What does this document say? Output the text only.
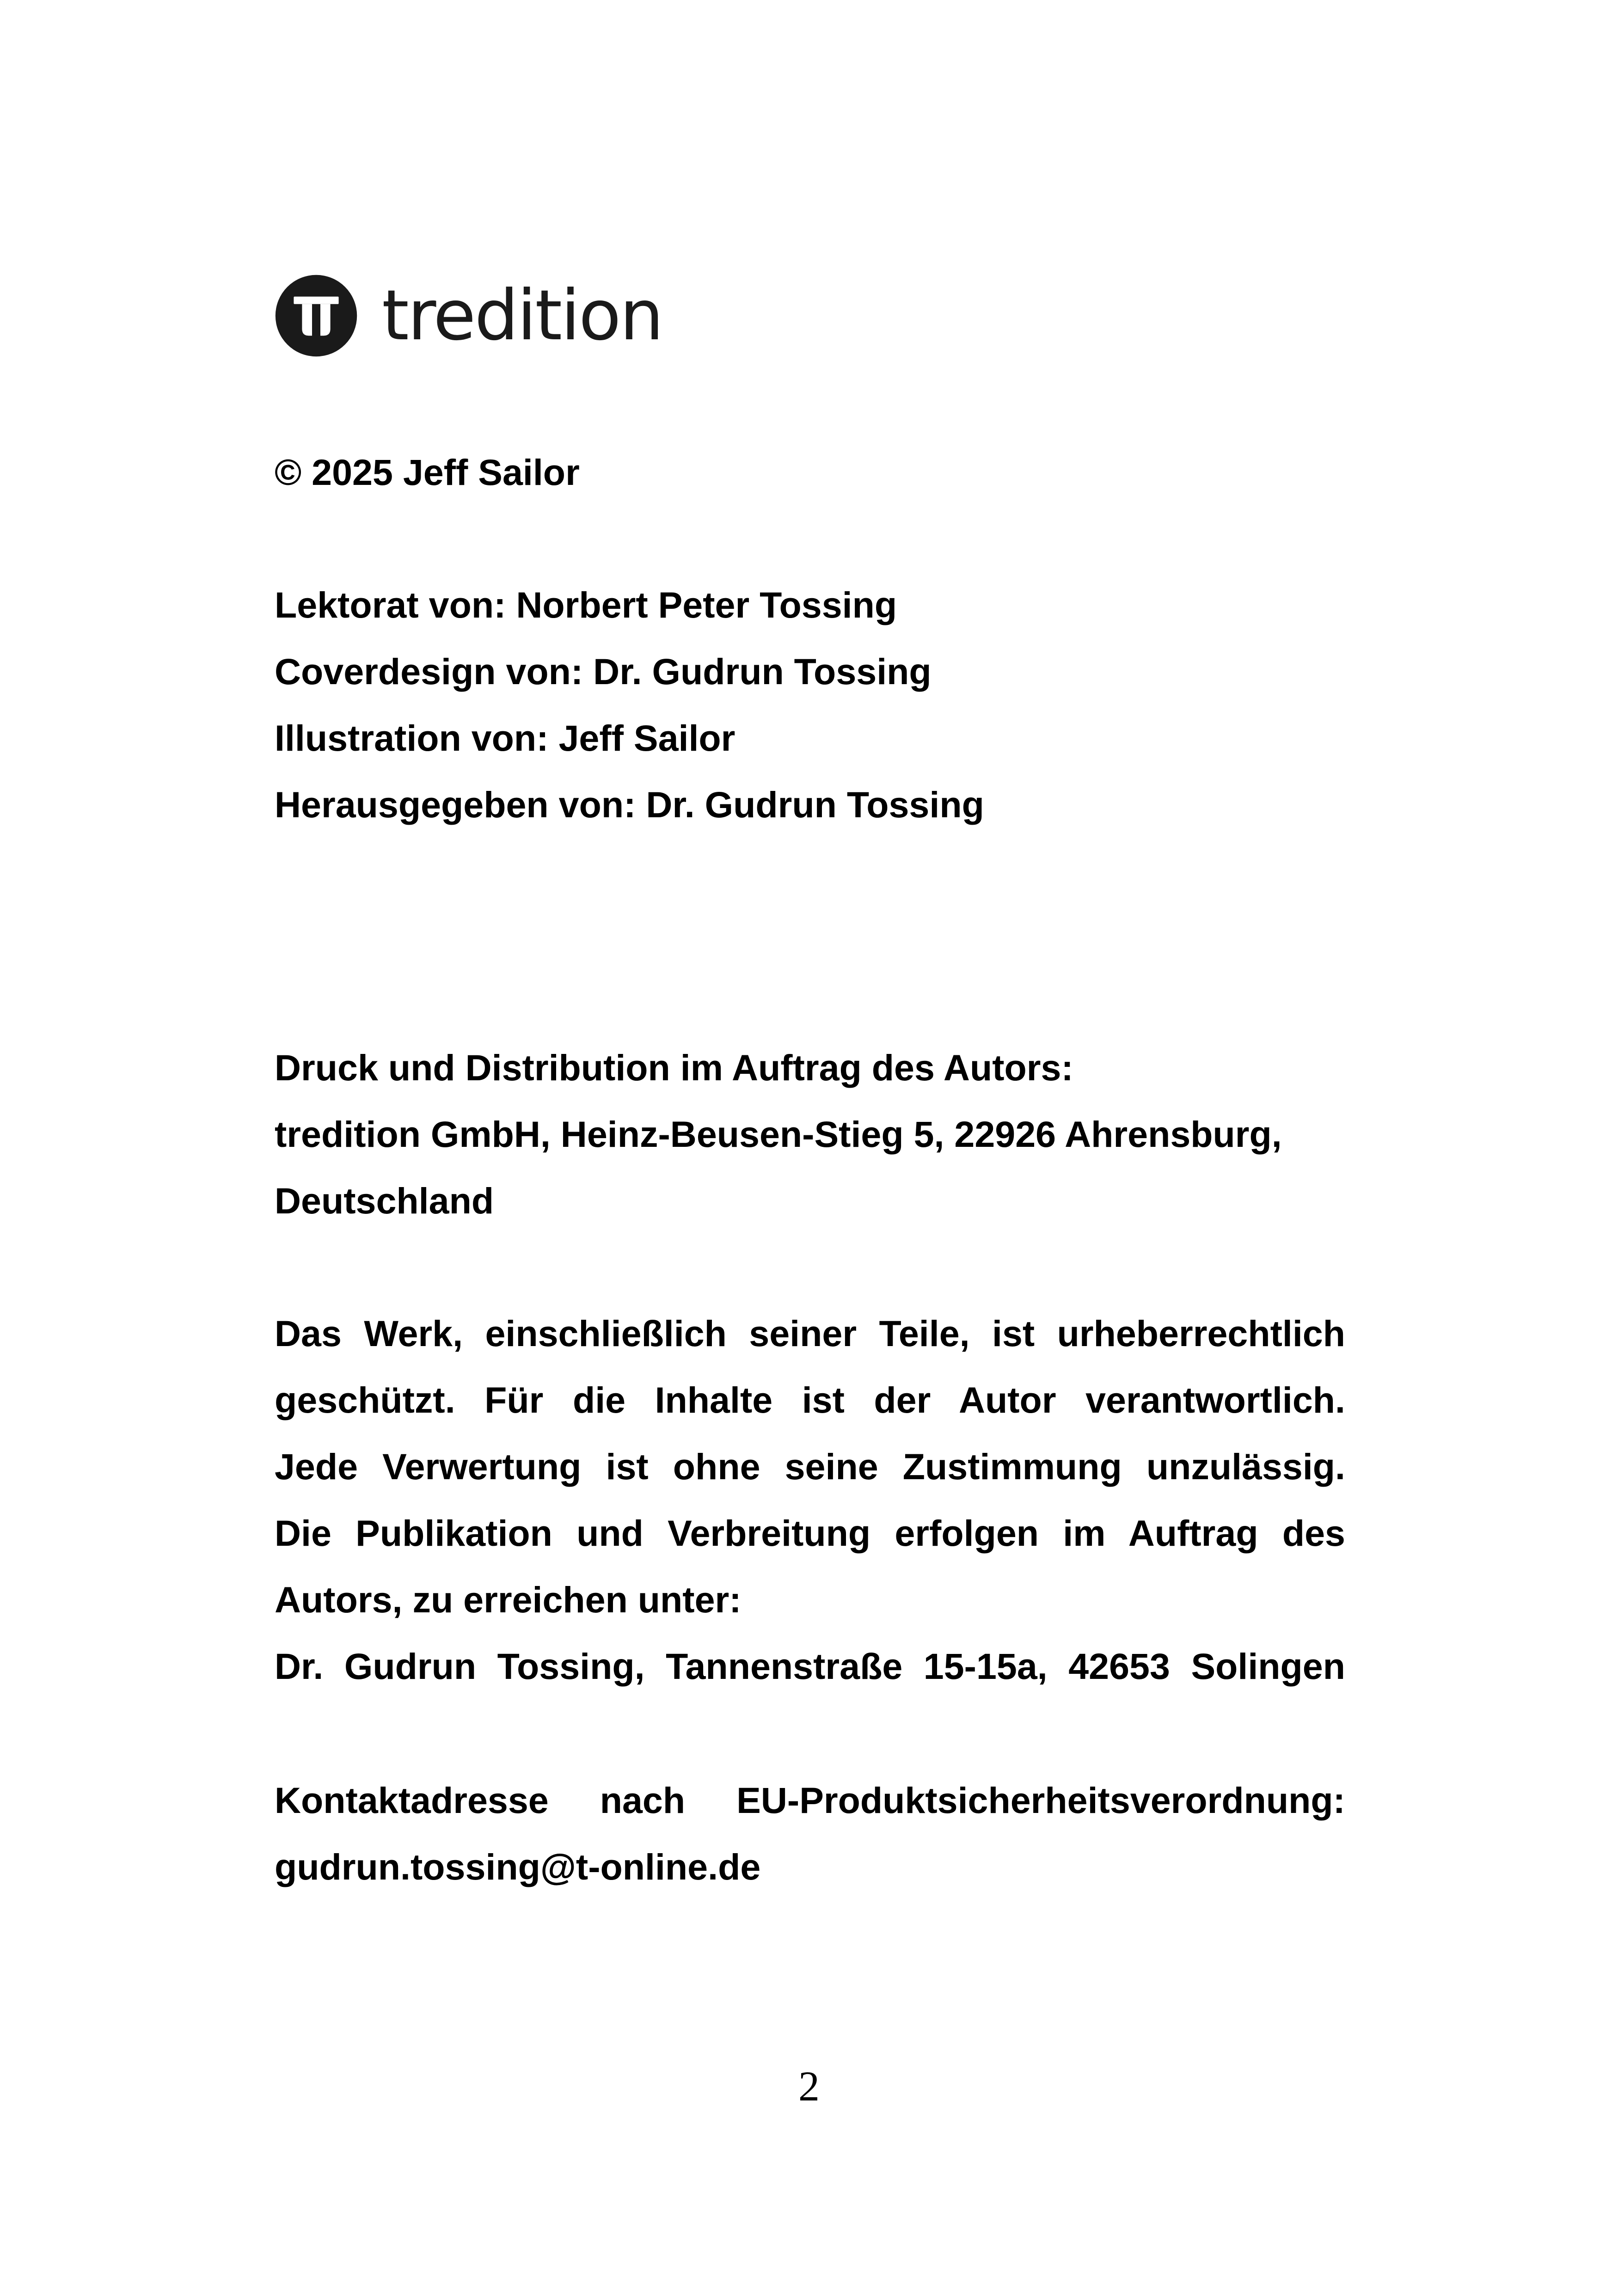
tredition
© 2025 Jeff Sailor
Lektorat von: Norbert Peter Tossing
Coverdesign von: Dr. Gudrun Tossing
Illustration von: Jeff Sailor
Herausgegeben von: Dr. Gudrun Tossing
Druck und Distribution im Auftrag des Autors:
tredition GmbH, Heinz-Beusen-Stieg 5, 22926 Ahrensburg,
Deutschland
Das Werk, einschließlich seiner Teile, ist urheberrechtlich
geschützt. Für die Inhalte ist der Autor verantwortlich.
Jede Verwertung ist ohne seine Zustimmung unzulässig.
Die Publikation und Verbreitung erfolgen im Auftrag des
Autors, zu erreichen unter:
Dr. Gudrun Tossing, Tannenstraße 15-15a, 42653 Solingen
Kontaktadresse nach EU-Produktsicherheitsverordnung:
gudrun.tossing@t-online.de
2
